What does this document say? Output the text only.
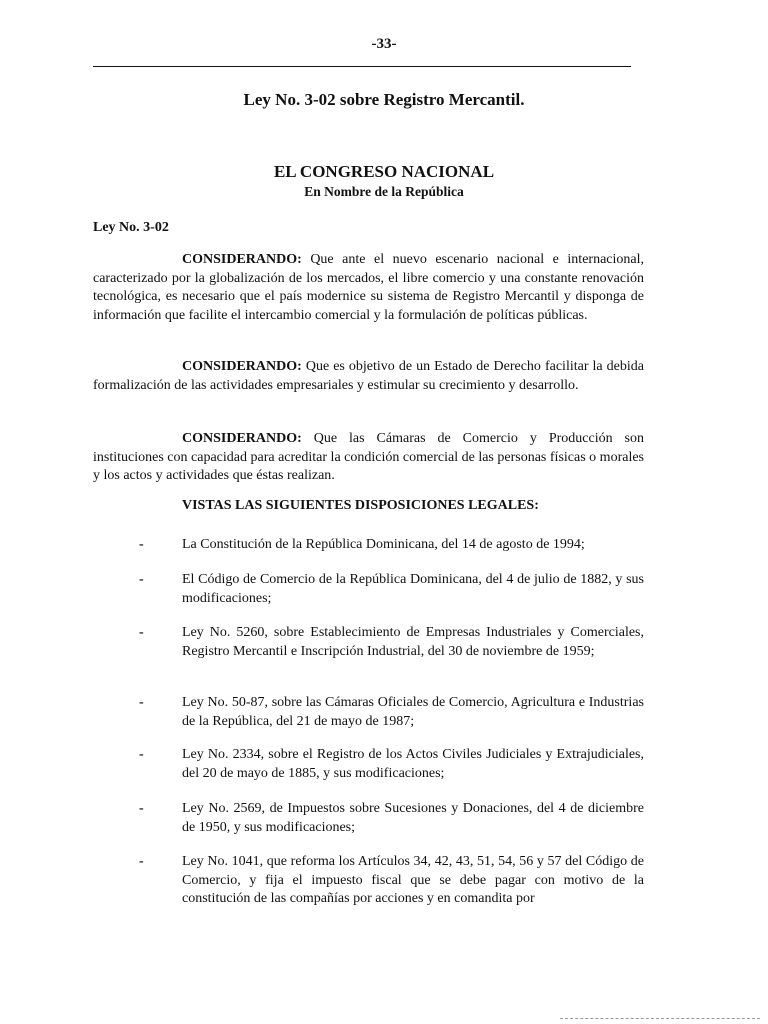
-33-
Ley No. 3-02 sobre Registro Mercantil.
EL CONGRESO NACIONAL
En Nombre de la República
Ley No. 3-02
CONSIDERANDO: Que ante el nuevo escenario nacional e internacional, caracterizado por la globalización de los mercados, el libre comercio y una constante renovación tecnológica, es necesario que el país modernice su sistema de Registro Mercantil y disponga de información que facilite el intercambio comercial y la formulación de políticas públicas.
CONSIDERANDO: Que es objetivo de un Estado de Derecho facilitar la debida formalización de las actividades empresariales y estimular su crecimiento y desarrollo.
CONSIDERANDO: Que las Cámaras de Comercio y Producción son instituciones con capacidad para acreditar la condición comercial de las personas físicas o morales y los actos y actividades que éstas realizan.
VISTAS LAS SIGUIENTES DISPOSICIONES LEGALES:
-	La Constitución de la República Dominicana, del 14 de agosto de 1994;
-	El Código de Comercio de la República Dominicana, del 4 de julio de 1882, y sus modificaciones;
-	Ley No. 5260, sobre Establecimiento de Empresas Industriales y Comerciales, Registro Mercantil e Inscripción Industrial, del 30 de noviembre de 1959;
-	Ley No. 50-87, sobre las Cámaras Oficiales de Comercio, Agricultura e Industrias de la República, del 21 de mayo de 1987;
-	Ley No. 2334, sobre el Registro de los Actos Civiles Judiciales y Extrajudiciales, del 20 de mayo de 1885, y sus modificaciones;
-	Ley No. 2569, de Impuestos sobre Sucesiones y Donaciones, del 4 de diciembre de 1950, y sus modificaciones;
-	Ley No. 1041, que reforma los Artículos 34, 42, 43, 51, 54, 56 y 57 del Código de Comercio, y fija el impuesto fiscal que se debe pagar con motivo de la constitución de las compañías por acciones y en comandita por
